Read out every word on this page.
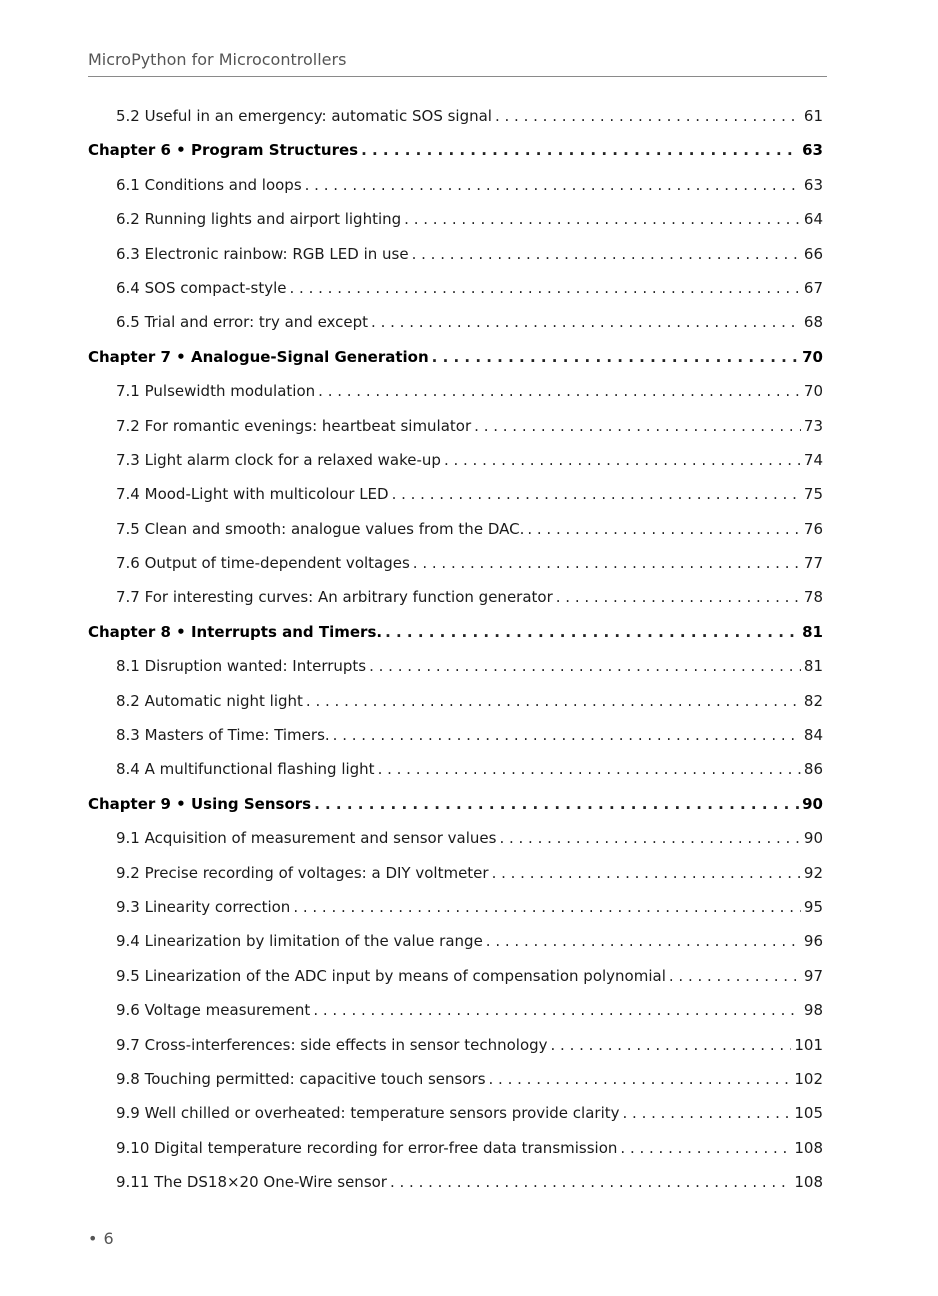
MicroPython for Microcontrollers
5.2 Useful in an emergency: automatic SOS signal . . .	61
Chapter 6 • Program Structures . . .	63
6.1 Conditions and loops . . .	63
6.2 Running lights and airport lighting . . .	64
6.3 Electronic rainbow: RGB LED in use . . .	66
6.4 SOS compact-style . . .	67
6.5 Trial and error: try and except . . .	68
Chapter 7 • Analogue-Signal Generation . . .	70
7.1 Pulsewidth modulation . . .	70
7.2 For romantic evenings: heartbeat simulator . . .	73
7.3 Light alarm clock for a relaxed wake-up . . .	74
7.4 Mood-Light with multicolour LED . . .	75
7.5 Clean and smooth: analogue values from the DAC. . . .	76
7.6 Output of time-dependent voltages . . .	77
7.7 For interesting curves: An arbitrary function generator . . .	78
Chapter 8 • Interrupts and Timers. . . .	81
8.1 Disruption wanted: Interrupts . . .	81
8.2 Automatic night light . . .	82
8.3 Masters of Time: Timers. . . .	84
8.4 A multifunctional flashing light . . .	86
Chapter 9 • Using Sensors . . .	90
9.1 Acquisition of measurement and sensor values . . .	90
9.2 Precise recording of voltages: a DIY voltmeter . . .	92
9.3 Linearity correction . . .	95
9.4 Linearization by limitation of the value range . . .	96
9.5 Linearization of the ADC input by means of compensation polynomial . . .	97
9.6 Voltage measurement . . .	98
9.7 Cross-interferences: side effects in sensor technology . . .	101
9.8 Touching permitted: capacitive touch sensors . . .	102
9.9 Well chilled or overheated: temperature sensors provide clarity . . .	105
9.10 Digital temperature recording for error-free data transmission . . .	108
9.11 The DS18×20 One-Wire sensor . . .	108
• 6
